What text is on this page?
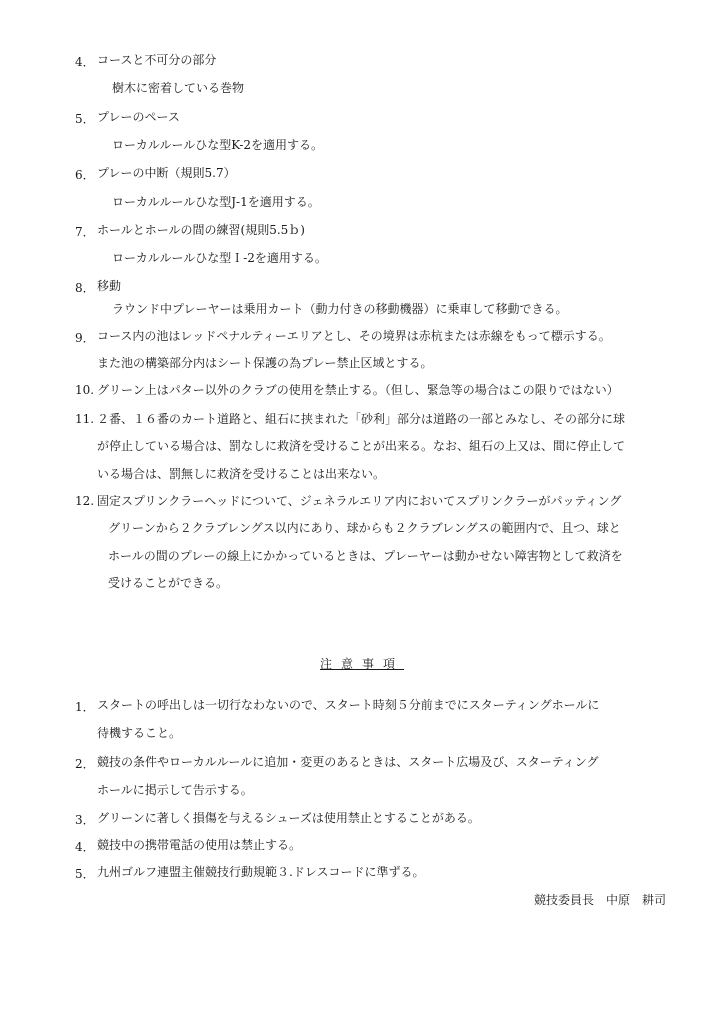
4． コースと不可分の部分
樹木に密着している巻物
5． プレーのペース
ローカルルールひな型K-2を適用する。
6． プレーの中断（規則5.7）
ローカルルールひな型J-1を適用する。
7． ホールとホールの間の練習(規則5.5ｂ)
ローカルルールひな型Ｉ-2を適用する。
8． 移動
ラウンド中プレーヤーは乗用カート（動力付きの移動機器）に乗車して移動できる。
9． コース内の池はレッドペナルティーエリアとし、その境界は赤杭または赤線をもって標示する。
また池の構築部分内はシート保護の為プレー禁止区域とする。
10. グリーン上はパター以外のクラブの使用を禁止する。（但し、緊急等の場合はこの限りではない）
11. ２番、１６番のカート道路と、組石に挟まれた「砂利」部分は道路の一部とみなし、その部分に球
が停止している場合は、罰なしに救済を受けることが出来る。なお、組石の上又は、間に停止して
いる場合は、罰無しに救済を受けることは出来ない。
12. 固定スプリンクラーヘッドについて、ジェネラルエリア内においてスプリンクラーがパッティング
グリーンから２クラブレングス以内にあり、球からも２クラブレングスの範囲内で、且つ、球と
ホールの間のプレーの線上にかかっているときは、プレーヤーは動かせない障害物として救済を
受けることができる。
注意事項
1． スタートの呼出しは一切行なわないので、スタート時刻５分前までにスターティングホールに
待機すること。
2． 競技の条件やローカルルールに追加・変更のあるときは、スタート広場及び、スターティング
ホールに掲示して告示する。
3． グリーンに著しく損傷を与えるシューズは使用禁止とすることがある。
4． 競技中の携帯電話の使用は禁止する。
5． 九州ゴルフ連盟主催競技行動規範３.ドレスコードに準ずる。
競技委員長　中原　耕司
